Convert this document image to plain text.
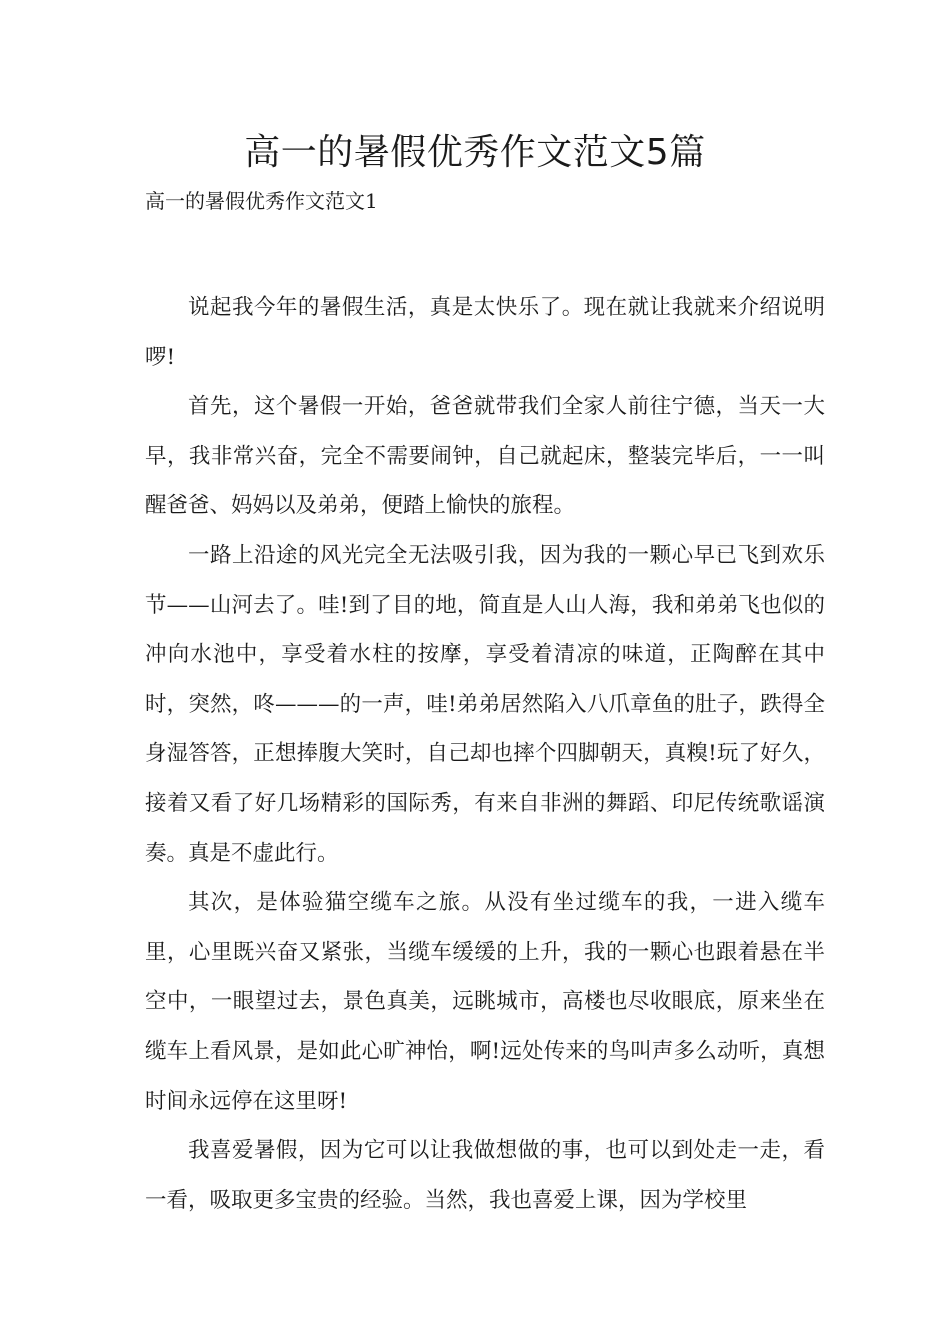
高一的暑假优秀作文范文5篇
高一的暑假优秀作文范文1

说起我今年的暑假生活，真是太快乐了。现在就让我就来介绍说明啰!

首先，这个暑假一开始，爸爸就带我们全家人前往宁德，当天一大早，我非常兴奋，完全不需要闹钟，自己就起床，整装完毕后，一一叫醒爸爸、妈妈以及弟弟，便踏上愉快的旅程。

一路上沿途的风光完全无法吸引我，因为我的一颗心早已飞到欢乐节——山河去了。哇!到了目的地，简直是人山人海，我和弟弟飞也似的冲向水池中，享受着水柱的按摩，享受着清凉的味道，正陶醉在其中时，突然，咚———的一声，哇!弟弟居然陷入八爪章鱼的肚子，跌得全身湿答答，正想捧腹大笑时，自己却也摔个四脚朝天，真糗!玩了好久，接着又看了好几场精彩的国际秀，有来自非洲的舞蹈、印尼传统歌谣演奏。真是不虚此行。

其次，是体验猫空缆车之旅。从没有坐过缆车的我，一进入缆车里，心里既兴奋又紧张，当缆车缓缓的上升，我的一颗心也跟着悬在半空中，一眼望过去，景色真美，远眺城市，高楼也尽收眼底，原来坐在缆车上看风景，是如此心旷神怡，啊!远处传来的鸟叫声多么动听，真想时间永远停在这里呀!

我喜爱暑假，因为它可以让我做想做的事，也可以到处走一走，看一看，吸取更多宝贵的经验。当然，我也喜爱上课，因为学校里
